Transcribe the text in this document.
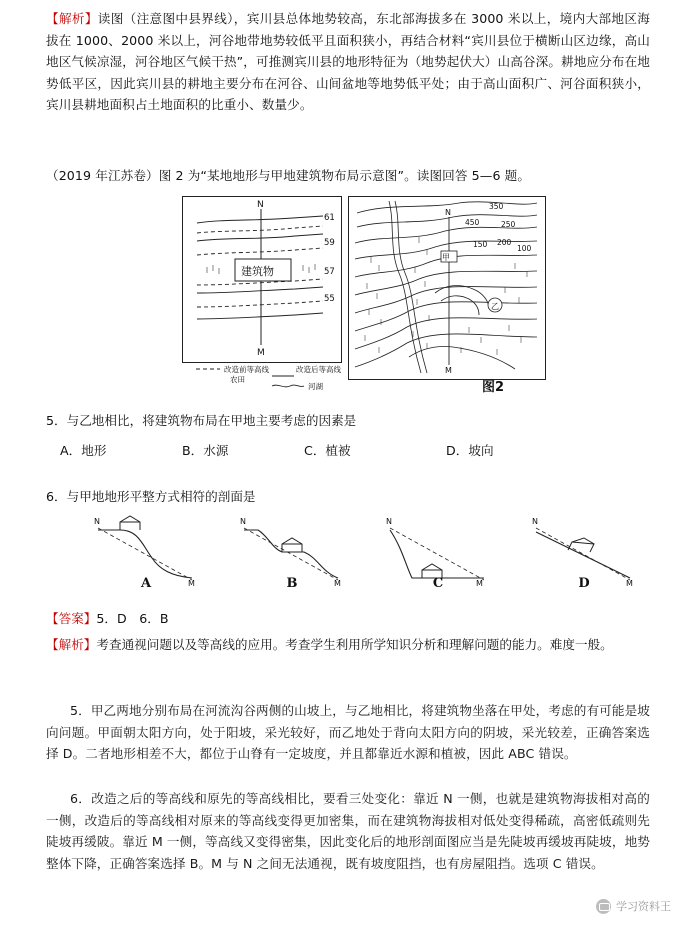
【解析】读图（注意图中县界线），宾川县总体地势较高，东北部海拔多在 3000 米以上，境内大部地区海拔在 1000、2000 米以上，河谷地带地势较低平且面积狭小，再结合材料“宾川县位于横断山区边缘，高山地区气候凉湿，河谷地区气候干热”，可推测宾川县的地形特征为（地势起伏大）山高谷深。耕地应分布在地势低平区，因此宾川县的耕地主要分布在河谷、山间盆地等地势低平处；由于高山面积广、河谷面积狭小，宾川县耕地面积占土地面积的比重小、数量少。
（2019 年江苏卷）图 2 为“某地地形与甲地建筑物布局示意图”。读图回答 5—6 题。
N
M
建筑物
61
59
57
55
改造前等高线
农田
改造后等高线
河湖
N
M
甲
乙
350
450	250
150 200
100
图2
5．与乙地相比，将建筑物布局在甲地主要考虑的因素是
A．地形	B．水源	C．植被	D．坡向
6．与甲地地形平整方式相符的剖面是
N
M
A
N
M
B
N
M
C
N
M
D
【答案】5．D　6．B
【解析】考查通视问题以及等高线的应用。考查学生利用所学知识分析和理解问题的能力。难度一般。
5．甲乙两地分别布局在河流沟谷两侧的山坡上，与乙地相比，将建筑物坐落在甲处，考虑的有可能是坡向问题。甲面朝太阳方向，处于阳坡，采光较好，而乙地处于背向太阳方向的阴坡，采光较差，正确答案选择 D。二者地形相差不大，都位于山脊有一定坡度，并且都靠近水源和植被，因此 ABC 错误。
6．改造之后的等高线和原先的等高线相比，要看三处变化：靠近 N 一侧，也就是建筑物海拔相对高的一侧，改造后的等高线相对原来的等高线变得更加密集，而在建筑物海拔相对低处变得稀疏，高密低疏则先陡坡再缓陂。靠近 M 一侧，等高线又变得密集，因此变化后的地形剖面图应当是先陡坡再缓坡再陡坡，地势整体下降，正确答案选择 B。M 与 N 之间无法通视，既有坡度阻挡，也有房屋阻挡。选项 C 错误。
学习资料王
